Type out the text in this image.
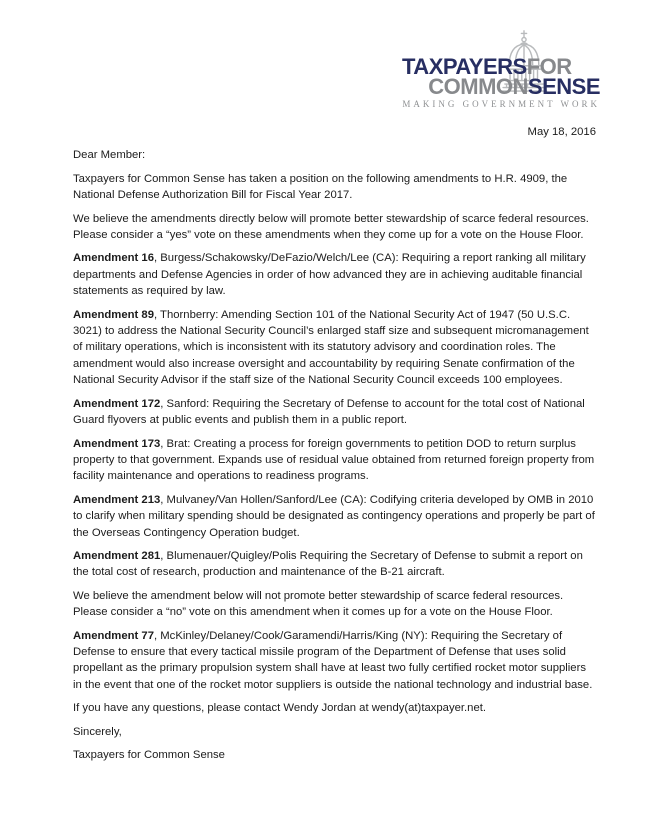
TAXPAYERSFOR
COMMONSENSE
MAKING GOVERNMENT WORK

May 18, 2016

Dear Member:

Taxpayers for Common Sense has taken a position on the following amendments to H.R. 4909, the National Defense Authorization Bill for Fiscal Year 2017.

We believe the amendments directly below will promote better stewardship of scarce federal resources. Please consider a “yes” vote on these amendments when they come up for a vote on the House Floor.

Amendment 16, Burgess/Schakowsky/DeFazio/Welch/Lee (CA): Requiring a report ranking all military departments and Defense Agencies in order of how advanced they are in achieving auditable financial statements as required by law.

Amendment 89, Thornberry: Amending Section 101 of the National Security Act of 1947 (50 U.S.C. 3021) to address the National Security Council’s enlarged staff size and subsequent micromanagement of military operations, which is inconsistent with its statutory advisory and coordination roles. The amendment would also increase oversight and accountability by requiring Senate confirmation of the National Security Advisor if the staff size of the National Security Council exceeds 100 employees.

Amendment 172, Sanford: Requiring the Secretary of Defense to account for the total cost of National Guard flyovers at public events and publish them in a public report.

Amendment 173, Brat: Creating a process for foreign governments to petition DOD to return surplus property to that government. Expands use of residual value obtained from returned foreign property from facility maintenance and operations to readiness programs.

Amendment 213, Mulvaney/Van Hollen/Sanford/Lee (CA): Codifying criteria developed by OMB in 2010 to clarify when military spending should be designated as contingency operations and properly be part of the Overseas Contingency Operation budget.

Amendment 281, Blumenauer/Quigley/Polis Requiring the Secretary of Defense to submit a report on the total cost of research, production and maintenance of the B-21 aircraft.

We believe the amendment below will not promote better stewardship of scarce federal resources. Please consider a “no” vote on this amendment when it comes up for a vote on the House Floor.

Amendment 77, McKinley/Delaney/Cook/Garamendi/Harris/King (NY): Requiring the Secretary of Defense to ensure that every tactical missile program of the Department of Defense that uses solid propellant as the primary propulsion system shall have at least two fully certified rocket motor suppliers in the event that one of the rocket motor suppliers is outside the national technology and industrial base.

If you have any questions, please contact Wendy Jordan at wendy(at)taxpayer.net.

Sincerely,

Taxpayers for Common Sense
